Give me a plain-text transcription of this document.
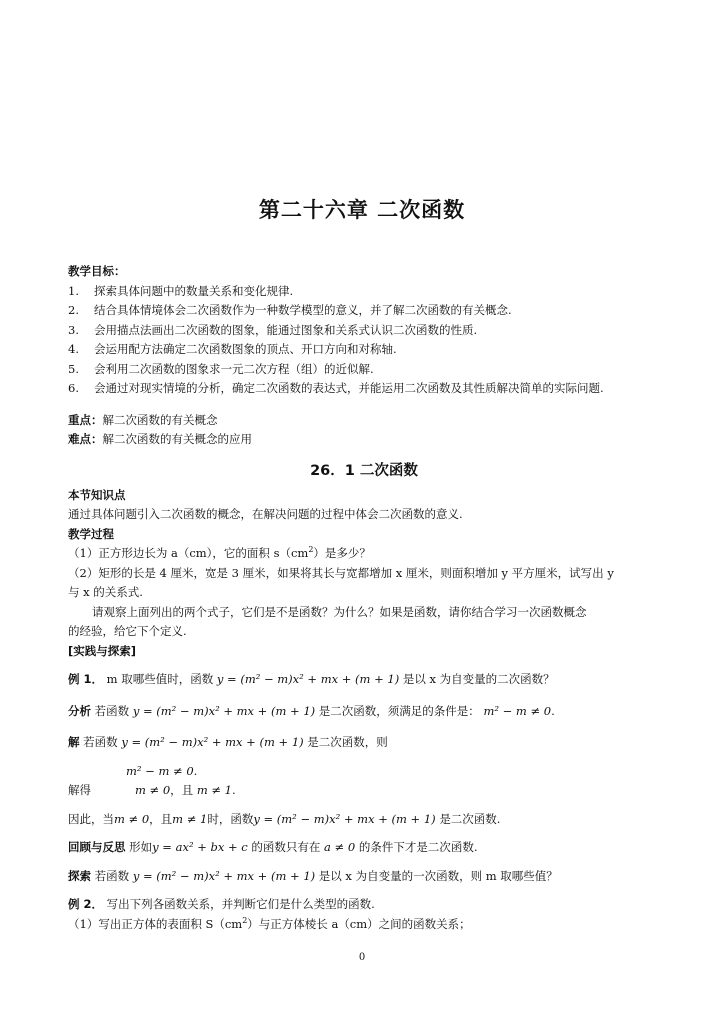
第二十六章 二次函数

教学目标：

1.	探索具体问题中的数量关系和变化规律.
2.	结合具体情境体会二次函数作为一种数学模型的意义，并了解二次函数的有关概念.
3.	会用描点法画出二次函数的图象，能通过图象和关系式认识二次函数的性质.
4.	会运用配方法确定二次函数图象的顶点、开口方向和对称轴.
5.	会利用二次函数的图象求一元二次方程（组）的近似解.
6.	会通过对现实情境的分析，确定二次函数的表达式，并能运用二次函数及其性质解决简单的实际问题.

重点：解二次函数的有关概念

难点：解二次函数的有关概念的应用

26．1 二次函数

本节知识点

通过具体问题引入二次函数的概念，在解决问题的过程中体会二次函数的意义.

教学过程

（1）正方形边长为 a（cm），它的面积 $s(cm^2)$是多少？

（2）矩形的长是 4 厘米，宽是 3 厘米，如果将其长与宽都增加 x 厘米，则面积增加 y 平方厘米，试写出 y

与 x 的关系式.

请观察上面列出的两个式子，它们是不是函数？为什么？如果是函数，请你结合学习一次函数概念

的经验，给它下个定义.

[实践与探索]

例 1． m 取哪些值时，函数 y = (m² − m)x² + mx + (m + 1) 是以 x 为自变量的二次函数？

分析 若函数 y = (m² − m)x² + mx + (m + 1) 是二次函数，须满足的条件是： m² − m ≠ 0.

解 若函数 y = (m² − m)x² + mx + (m + 1) 是二次函数，则

m² − m ≠ 0.

解得	m ≠ 0，且 m ≠ 1.

因此，当m ≠ 0，且m ≠ 1时，函数y = (m² − m)x² + mx + (m + 1) 是二次函数.

回顾与反思 形如y = ax² + bx + c 的函数只有在 a ≠ 0 的条件下才是二次函数.

探索 若函数 y = (m² − m)x² + mx + (m + 1) 是以 x 为自变量的一次函数，则 m 取哪些值？

例 2． 写出下列各函数关系，并判断它们是什么类型的函数.

（1）写出正方体的表面积 $S(cm^2)$与正方体棱长 a（cm）之间的函数关系；

0
